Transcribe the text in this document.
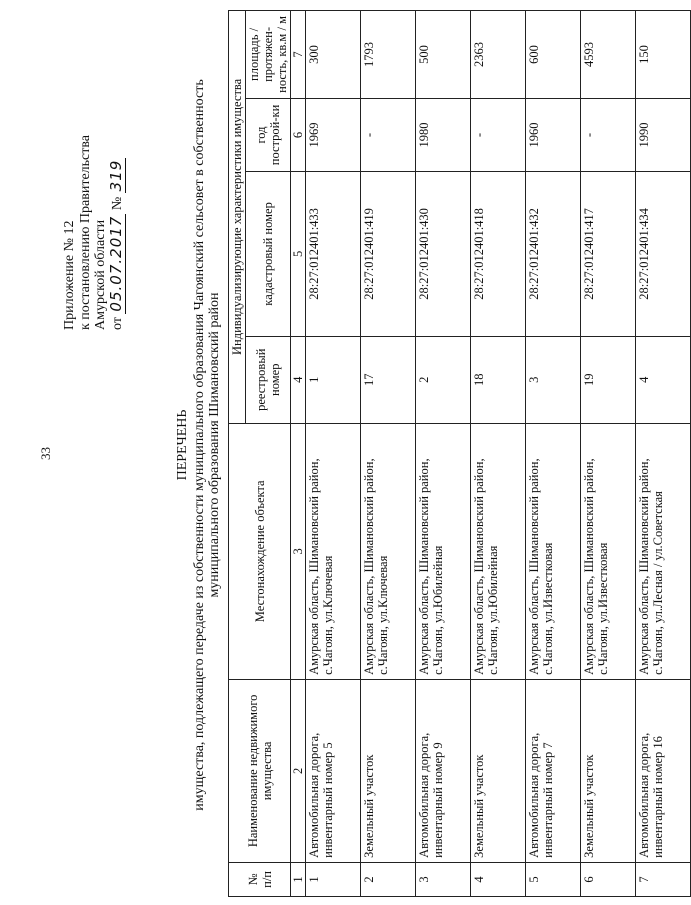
33
Приложение № 12 к постановлению Правительства Амурской области от 05.07.2017 № 319
ПЕРЕЧЕНЬ имущества, подлежащего передаче из собственности муниципального образования Чагоянский сельсовет в собственность муниципального образования Шимановский район
№ п/п	Наименование недвижимого имущества	Местонахождение объекта	Индивидуализирующие характеристики имущества			
			реестровый номер	кадастровый номер	год построй-ки	площадь / протяжен-ность, кв.м / м
1	2	3	4	5	6	7
1	Автомобильная дорога, инвентарный номер 5	Амурская область, Шимановский район, с.Чагоян, ул.Ключевая	1	28:27:012401:433	1969	300
2	Земельный участок	Амурская область, Шимановский район, с.Чагоян, ул.Ключевая	17	28:27:012401:419	-	1793
3	Автомобильная дорога, инвентарный номер 9	Амурская область, Шимановский район, с.Чагоян, ул.Юбилейная	2	28:27:012401:430	1980	500
4	Земельный участок	Амурская область, Шимановский район, с.Чагоян, ул.Юбилейная	18	28:27:012401:418	-	2363
5	Автомобильная дорога, инвентарный номер 7	Амурская область, Шимановский район, с.Чагоян, ул.Известковая	3	28:27:012401:432	1960	600
6	Земельный участок	Амурская область, Шимановский район, с.Чагоян, ул.Известковая	19	28:27:012401:417	-	4593
7	Автомобильная дорога, инвентарный номер 16	Амурская область, Шимановский район, с.Чагоян, ул.Лесная / ул.Советская	4	28:27:012401:434	1990	150
